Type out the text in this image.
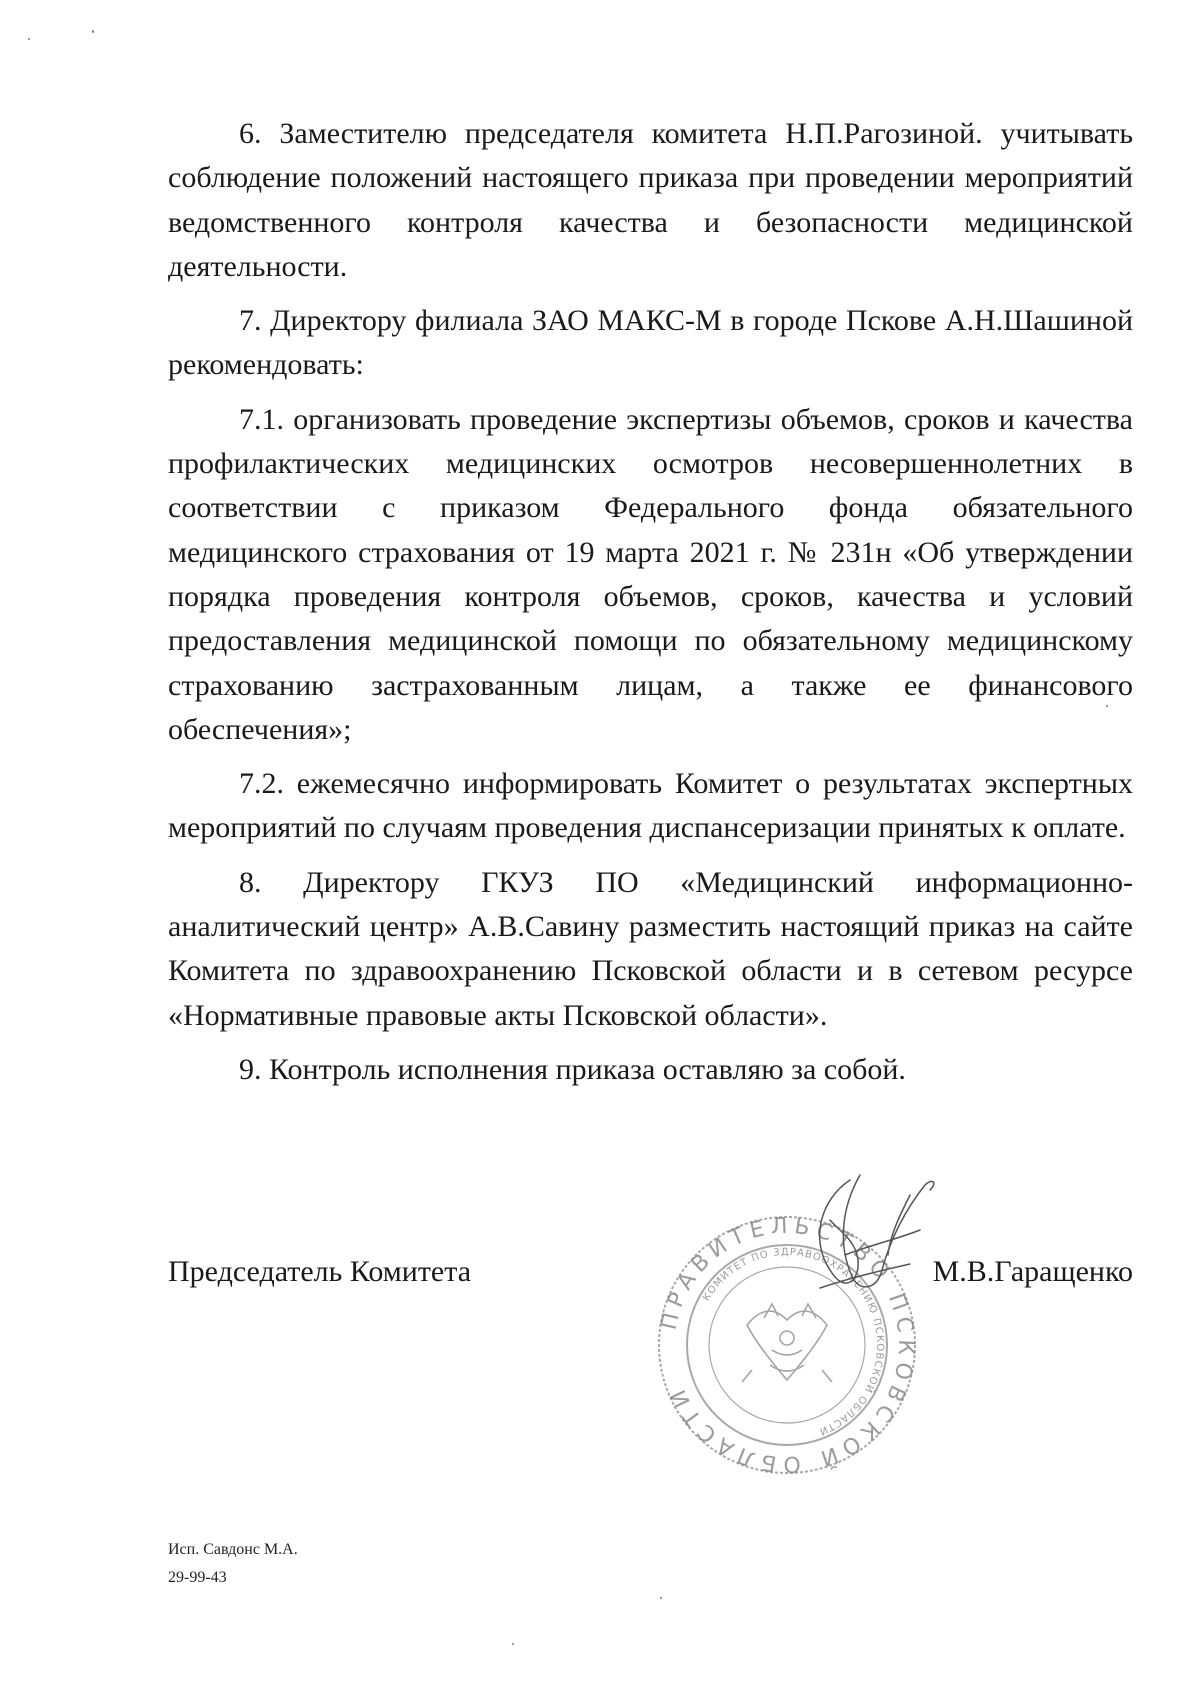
6. Заместителю председателя комитета Н.П.Рагозиной. учитывать соблюдение положений настоящего приказа при проведении мероприятий ведомственного контроля качества и безопасности медицинской деятельности.

7. Директору филиала ЗАО МАКС-М в городе Пскове А.Н.Шашиной рекомендовать:

7.1. организовать проведение экспертизы объемов, сроков и качества профилактических медицинских осмотров несовершеннолетних в соответствии с приказом Федерального фонда обязательного медицинского страхования от 19 марта 2021 г. № 231н «Об утверждении порядка проведения контроля объемов, сроков, качества и условий предоставления медицинской помощи по обязательному медицинскому страхованию застрахованным лицам, а также ее финансового обеспечения»;

7.2. ежемесячно информировать Комитет о результатах экспертных мероприятий по случаям проведения диспансеризации принятых к оплате.

8. Директору ГКУЗ ПО «Медицинский информационно-аналитический центр» А.В.Савину разместить настоящий приказ на сайте Комитета по здравоохранению Псковской области и в сетевом ресурсе «Нормативные правовые акты Псковской области».

9. Контроль исполнения приказа оставляю за собой.

ПРАВИТЕЛЬСТВО ПСКОВСКОЙ ОБЛАСТИ
КОМИТЕТ ПО ЗДРАВООХРАНЕНИЮ ПСКОВСКОЙ ОБЛАСТИ
Председатель Комитета	М.В.Гаращенко
Исп. Савдонс М.А.
29-99-43
